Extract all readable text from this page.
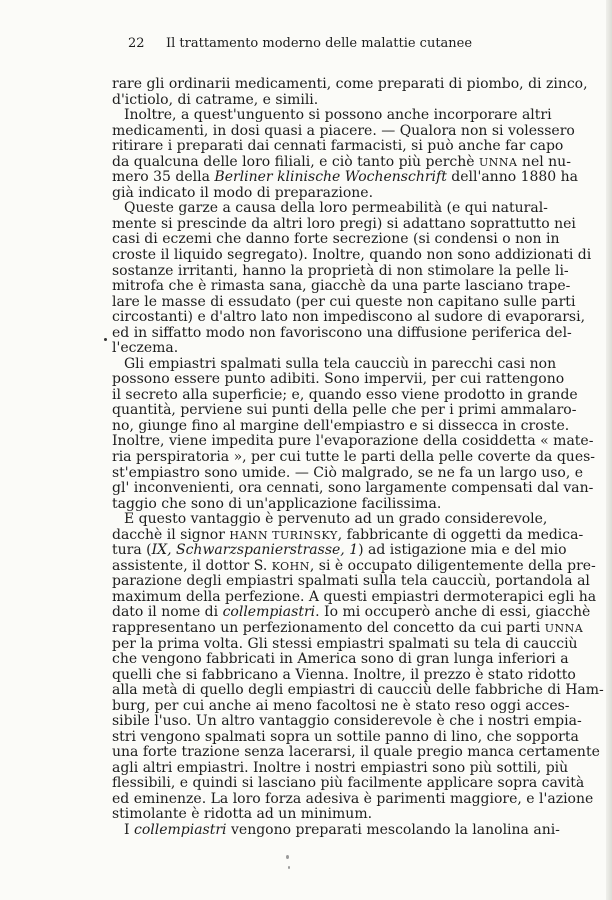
22 Il trattamento moderno delle malattie cutanee
rare gli ordinarii medicamenti, come preparati di piombo, di zinco,
d'ictiolo, di catrame, e simili.
Inoltre, a quest'unguento si possono anche incorporare altri
medicamenti, in dosi quasi a piacere. — Qualora non si volessero
ritirare i preparati dai cennati farmacisti, si può anche far capo
da qualcuna delle loro filiali, e ciò tanto più perchè UNNA nel nu-
mero 35 della Berliner klinische Wochenschrift dell'anno 1880 ha
già indicato il modo di preparazione.
Queste garze a causa della loro permeabilità (e qui natural-
mente si prescinde da altri loro pregi) si adattano soprattutto nei
casi di eczemi che danno forte secrezione (si condensi o non in
croste il liquido segregato). Inoltre, quando non sono addizionati di
sostanze irritanti, hanno la proprietà di non stimolare la pelle li-
mitrofa che è rimasta sana, giacchè da una parte lasciano trape-
lare le masse di essudato (per cui queste non capitano sulle parti
circostanti) e d'altro lato non impediscono al sudore di evaporarsi,
ed in siffatto modo non favoriscono una diffusione periferica del-
l'eczema.
Gli empiastri spalmati sulla tela caucciù in parecchi casi non
possono essere punto adibiti. Sono impervii, per cui rattengono
il secreto alla superficie; e, quando esso viene prodotto in grande
quantità, perviene sui punti della pelle che per i primi ammalaro-
no, giunge fino al margine dell'empiastro e si dissecca in croste.
Inoltre, viene impedita pure l'evaporazione della cosiddetta « mate-
ria perspiratoria », per cui tutte le parti della pelle coverte da ques-
st'empiastro sono umide. — Ciò malgrado, se ne fa un largo uso, e
gl' inconvenienti, ora cennati, sono largamente compensati dal van-
taggio che sono di un'applicazione facilissima.
E questo vantaggio è pervenuto ad un grado considerevole,
dacchè il signor HANN TURINSKY, fabbricante di oggetti da medica-
tura (IX, Schwarzspanierstrasse, 1) ad istigazione mia e del mio
assistente, il dottor S. KOHN, si è occupato diligentemente della pre-
parazione degli empiastri spalmati sulla tela caucciù, portandola al
maximum della perfezione. A questi empiastri dermoterapici egli ha
dato il nome di collempiastri. Io mi occuperò anche di essi, giacchè
rappresentano un perfezionamento del concetto da cui parti UNNA
per la prima volta. Gli stessi empiastri spalmati su tela di caucciù
che vengono fabbricati in America sono di gran lunga inferiori a
quelli che si fabbricano a Vienna. Inoltre, il prezzo è stato ridotto
alla metà di quello degli empiastri di caucciù delle fabbriche di Ham-
burg, per cui anche ai meno facoltosi ne è stato reso oggi acces-
sibile l'uso. Un altro vantaggio considerevole è che i nostri empia-
stri vengono spalmati sopra un sottile panno di lino, che sopporta
una forte trazione senza lacerarsi, il quale pregio manca certamente
agli altri empiastri. Inoltre i nostri empiastri sono più sottili, più
flessibili, e quindi si lasciano più facilmente applicare sopra cavità
ed eminenze. La loro forza adesiva è parimenti maggiore, e l'azione
stimolante è ridotta ad un minimum.
I collempiastri vengono preparati mescolando la lanolina ani-
